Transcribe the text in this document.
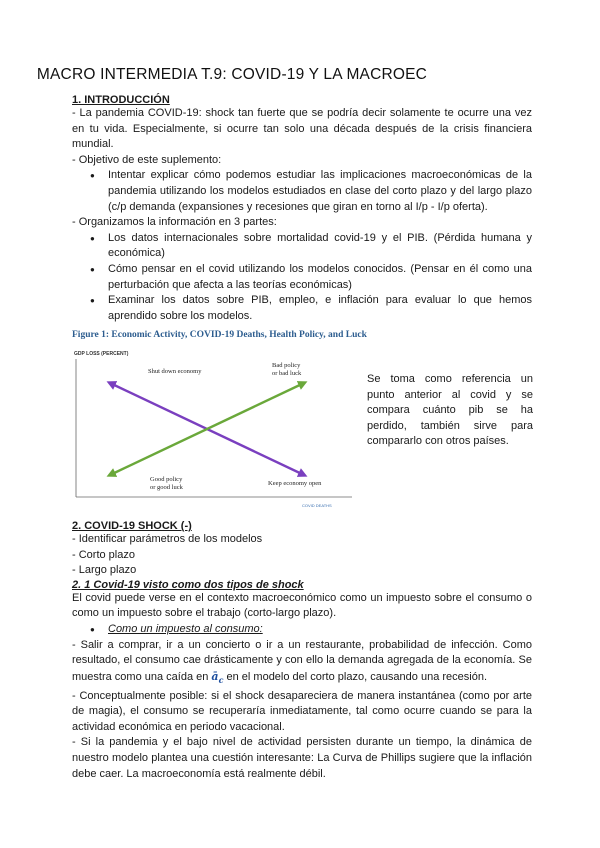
MACRO INTERMEDIA T.9: COVID-19 Y LA MACROEC
1. INTRODUCCIÓN

- La pandemia COVID-19: shock tan fuerte que se podría decir solamente te ocurre una vez en tu vida. Especialmente, si ocurre tan solo una década después de la crisis financiera mundial.

- Objetivo de este suplemento:

● Intentar explicar cómo podemos estudiar las implicaciones macroeconómicas de la pandemia utilizando los modelos estudiados en clase del corto plazo y del largo plazo (c/p demanda (expansiones y recesiones que giran en torno al I/p - I/p oferta).

- Organizamos la información en 3 partes:

● Los datos internacionales sobre mortalidad covid-19 y el PIB. (Pérdida humana y económica)
● Cómo pensar en el covid utilizando los modelos conocidos. (Pensar en él como una perturbación que afecta a las teorías económicas)
● Examinar los datos sobre PIB, empleo, e inflación para evaluar lo que hemos aprendido sobre los modelos.
Figure 1: Economic Activity, COVID-19 Deaths, Health Policy, and Luck
GDP LOSS (PERCENT)
Shut down economy
Bad policy
or bad luck
Good policy
or good luck
Keep economy open
COVID DEATHS
Se toma como referencia un punto anterior al covid y se compara cuánto pib se ha perdido, también sirve para compararlo con otros países.
2. COVID-19 SHOCK (-)

- Identificar parámetros de los modelos

- Corto plazo

- Largo plazo

2. 1 Covid-19 visto como dos tipos de shock

El covid puede verse en el contexto macroeconómico como un impuesto sobre el consumo o como un impuesto sobre el trabajo (corto-largo plazo).

● Como un impuesto al consumo:

- Salir a comprar, ir a un concierto o ir a un restaurante, probabilidad de infección. Como resultado, el consumo cae drásticamente y con ello la demanda agregada de la economía. Se muestra como una caída en $ā_c$ en el modelo del corto plazo, causando una recesión.

- Conceptualmente posible: si el shock desapareciera de manera instantánea (como por arte de magia), el consumo se recuperaría inmediatamente, tal como ocurre cuando se para la actividad económica en periodo vacacional.

- Si la pandemia y el bajo nivel de actividad persisten durante un tiempo, la dinámica de nuestro modelo plantea una cuestión interesante: La Curva de Phillips sugiere que la inflación debe caer. La macroeconomía está realmente débil.
